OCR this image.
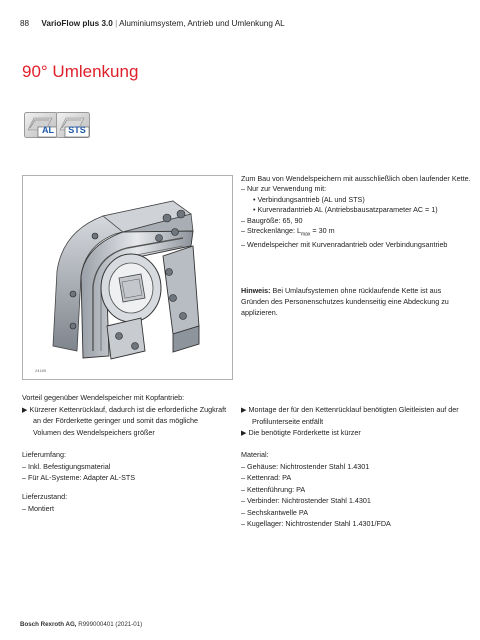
88 VarioFlow plus 3.0 | Aluminiumsystem, Antrieb und Umlenkung AL
90° Umlenkung
AL	STS
24165

Zum Bau von Wendelspeichern mit ausschließlich oben laufender Kette.

– Nur zur Verwendung mit:

• Verbindungsantrieb (AL und STS)

• Kurvenradantrieb AL (Antriebsbausatzparameter AC = 1)

– Baugröße: 65, 90

– Streckenlänge: $L_{max} = 30$ m

– Wendelspeicher mit Kurvenradantrieb oder Verbindungsantrieb

Hinweis: Bei Umlaufsystemen ohne rücklaufende Kette ist aus Gründen des Personenschutzes kundenseitig eine Abdeckung zu applizieren.

Vorteil gegenüber Wendelspeicher mit Kopfantrieb:

▶ Kürzerer Kettenrücklauf, dadurch ist die erforderliche Zugkraft an der Förderkette geringer und somit das mögliche Volumen des Wendelspeichers größer

▶ Montage der für den Kettenrücklauf benötigten Gleitleisten auf der Profilunterseite entfällt

▶ Die benötigte Förderkette ist kürzer

Lieferumfang:

– Inkl. Befestigungsmaterial

– Für AL-Systeme: Adapter AL-STS

Lieferzustand:

– Montiert

Material:

– Gehäuse: Nichtrostender Stahl 1.4301

– Kettenrad: PA

– Kettenführung: PA

– Verbinder: Nichtrostender Stahl 1.4301

– Sechskantwelle PA

– Kugellager: Nichtrostender Stahl 1.4301/FDA

Bosch Rexroth AG, R999000401 (2021-01)
